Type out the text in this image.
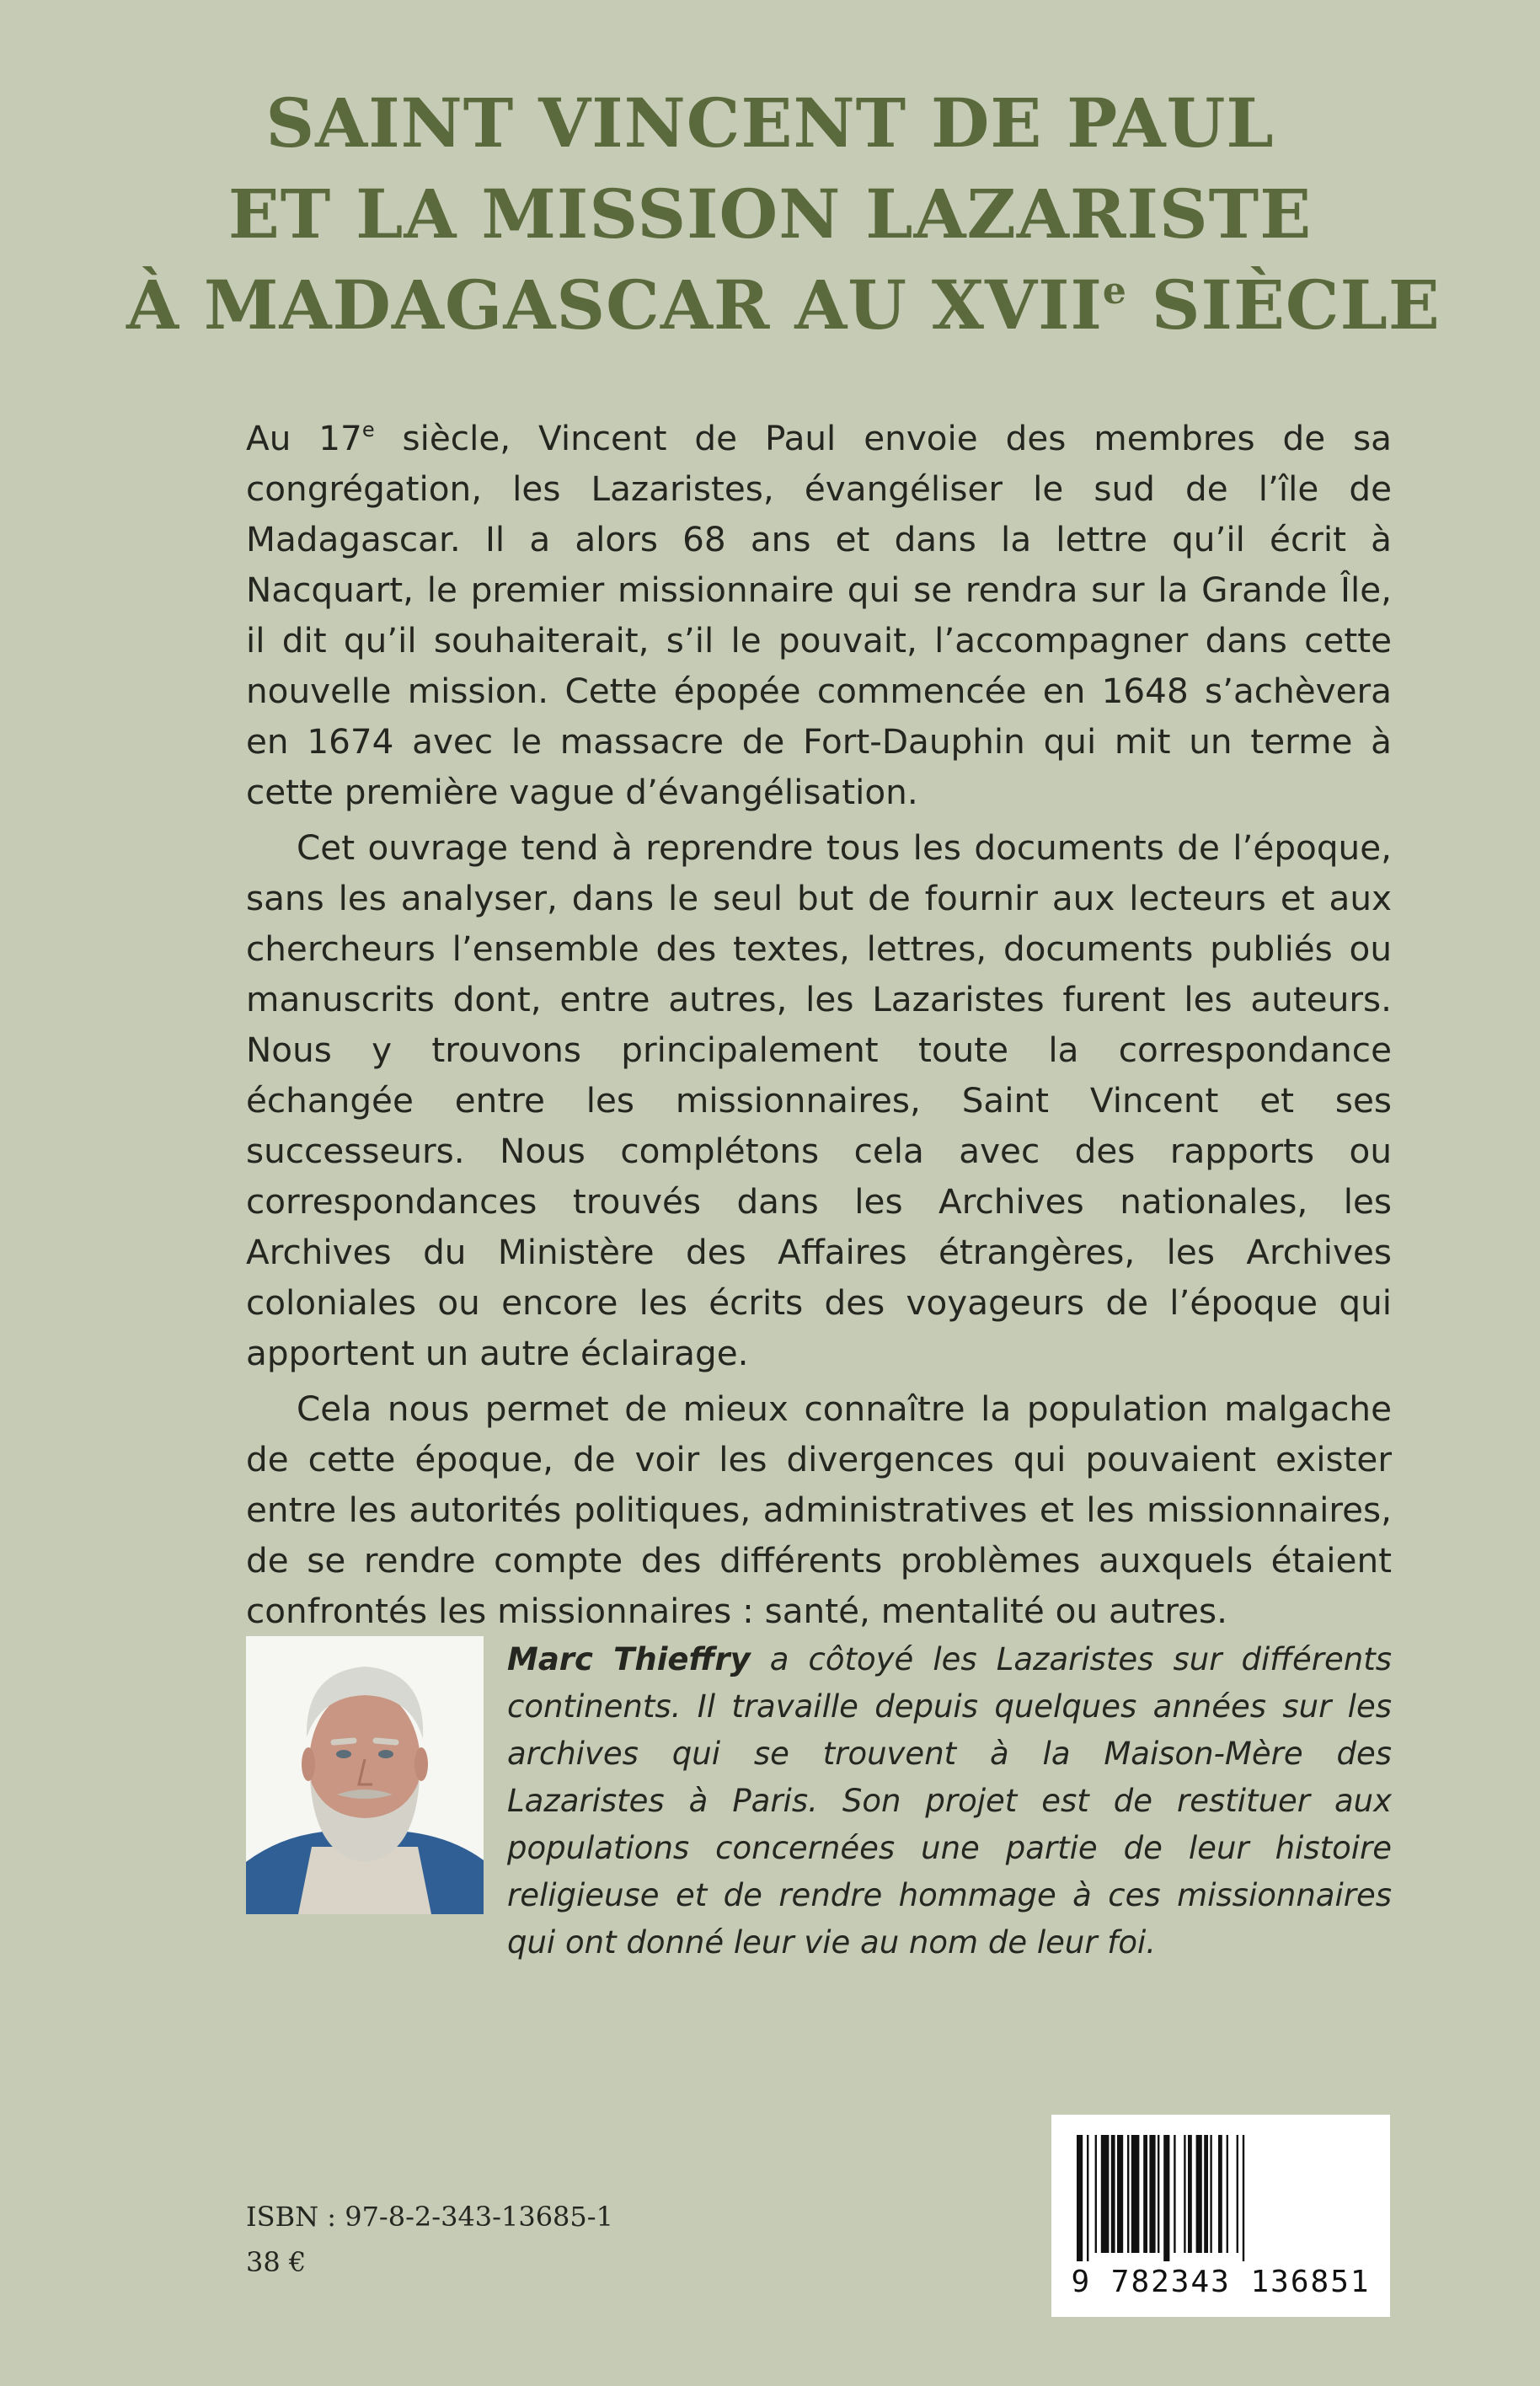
SAINT VINCENT DE PAUL
ET LA MISSION LAZARISTE
À MADAGASCAR AU XVIIe SIÈCLE

Au 17e siècle, Vincent de Paul envoie des membres de sa congrégation, les Lazaristes, évangéliser le sud de l’île de Madagascar. Il a alors 68 ans et dans la lettre qu’il écrit à Nacquart, le premier missionnaire qui se rendra sur la Grande Île, il dit qu’il souhaiterait, s’il le pouvait, l’accompagner dans cette nouvelle mission. Cette épopée commencée en 1648 s’achèvera en 1674 avec le massacre de Fort-Dauphin qui mit un terme à cette première vague d’évangélisation.

Cet ouvrage tend à reprendre tous les documents de l’époque, sans les analyser, dans le seul but de fournir aux lecteurs et aux chercheurs l’ensemble des textes, lettres, documents publiés ou manuscrits dont, entre autres, les Lazaristes furent les auteurs. Nous y trouvons principalement toute la correspondance échangée entre les missionnaires, Saint Vincent et ses successeurs. Nous complétons cela avec des rapports ou correspondances trouvés dans les Archives nationales, les Archives du Ministère des Affaires étrangères, les Archives coloniales ou encore les écrits des voyageurs de l’époque qui apportent un autre éclairage.

Cela nous permet de mieux connaître la population malgache de cette époque, de voir les divergences qui pouvaient exister entre les autorités politiques, administratives et les missionnaires, de se rendre compte des différents problèmes auxquels étaient confrontés les missionnaires : santé, mentalité ou autres.

Marc Thieffry a côtoyé les Lazaristes sur différents continents. Il travaille depuis quelques années sur les archives qui se trouvent à la Maison-Mère des Lazaristes à Paris. Son projet est de restituer aux populations concernées une partie de leur histoire religieuse et de rendre hommage à ces missionnaires qui ont donné leur vie au nom de leur foi.

ISBN : 97-8-2-343-13685-1
38 €
9 782343 136851
